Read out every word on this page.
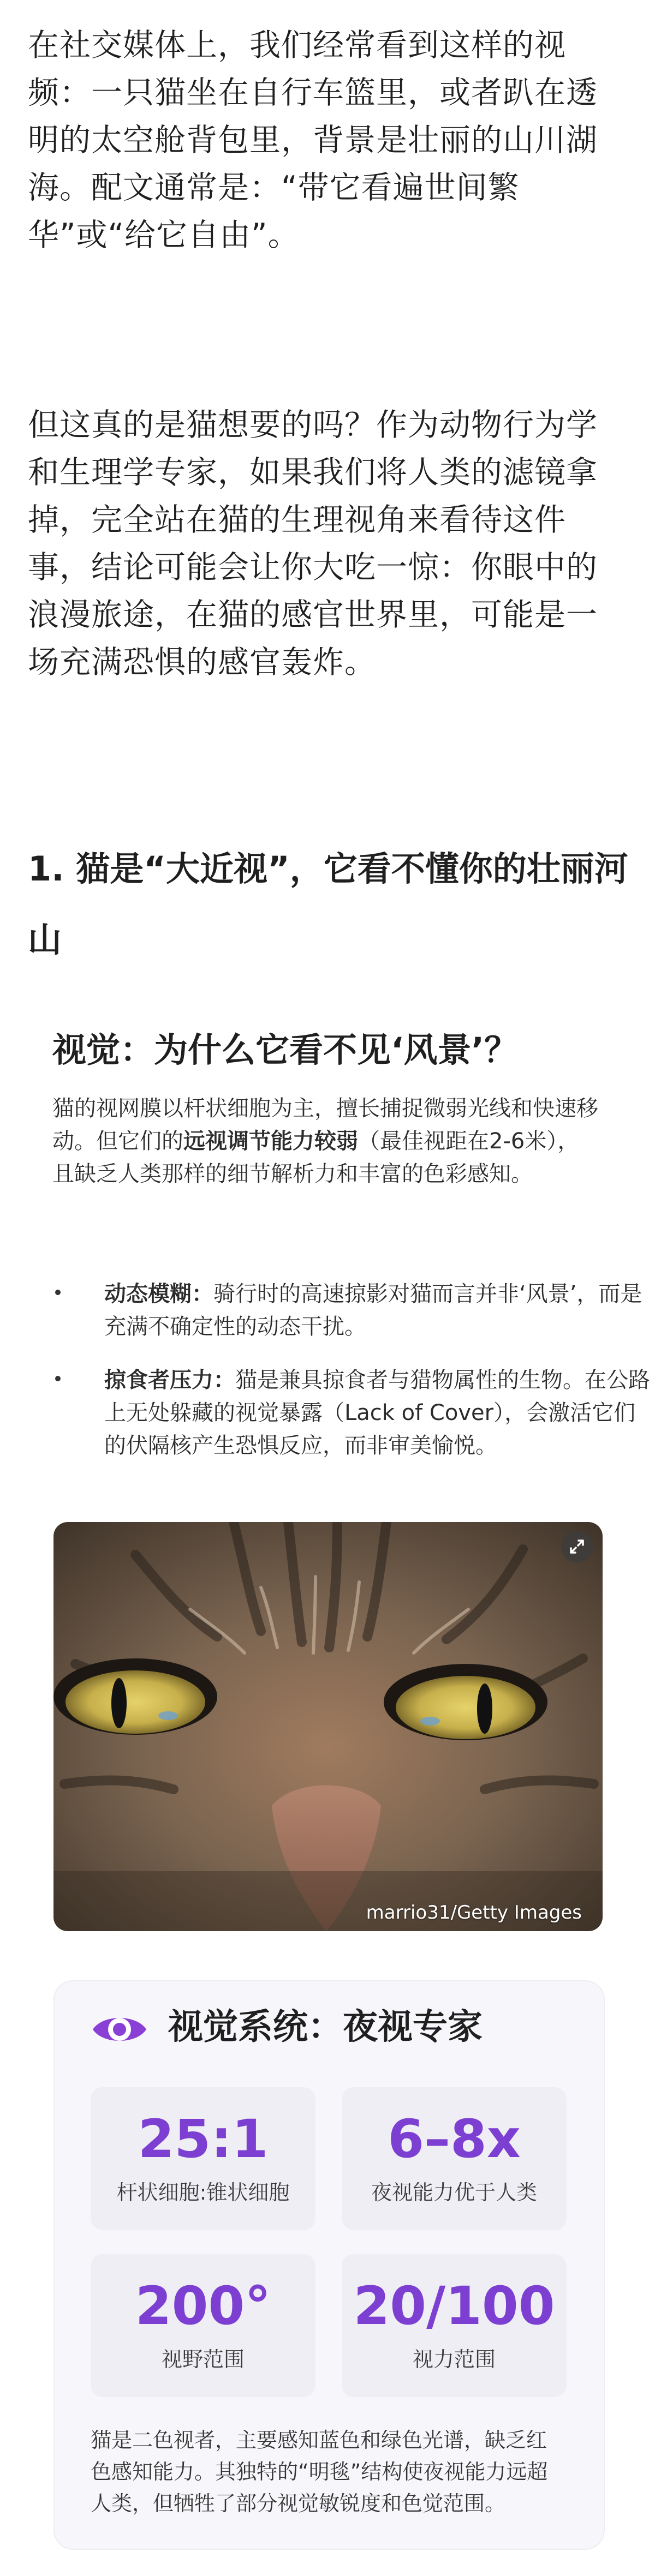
在社交媒体上，我们经常看到这样的视频：一只猫坐在自行车篮里，或者趴在透明的太空舱背包里，背景是壮丽的山川湖海。配文通常是：“带它看遍世间繁华”或“给它自由”。

但这真的是猫想要的吗？作为动物行为学和生理学专家，如果我们将人类的滤镜拿掉，完全站在猫的生理视角来看待这件事，结论可能会让你大吃一惊：你眼中的浪漫旅途，在猫的感官世界里，可能是一场充满恐惧的感官轰炸。

1. 猫是“大近视”，它看不懂你的壮丽河山
视觉：为什么它看不见‘风景’？

猫的视网膜以杆状细胞为主，擅长捕捉微弱光线和快速移动。但它们的远视调节能力较弱（最佳视距在2-6米），且缺乏人类那样的细节解析力和丰富的色彩感知。

动态模糊：骑行时的高速掠影对猫而言并非‘风景’，而是充满不确定性的动态干扰。
掠食者压力：猫是兼具掠食者与猎物属性的生物。在公路上无处躲藏的视觉暴露（Lack of Cover），会激活它们的伏隔核产生恐惧反应，而非审美愉悦。
marrio31/Getty Images
视觉系统：夜视专家
25:1
杆状细胞:锥状细胞
6–8x
夜视能力优于人类
200°
视野范围
20/100
视力范围
猫是二色视者，主要感知蓝色和绿色光谱，缺乏红色感知能力。其独特的“明毯”结构使夜视能力远超人类，但牺牲了部分视觉敏锐度和色觉范围。
